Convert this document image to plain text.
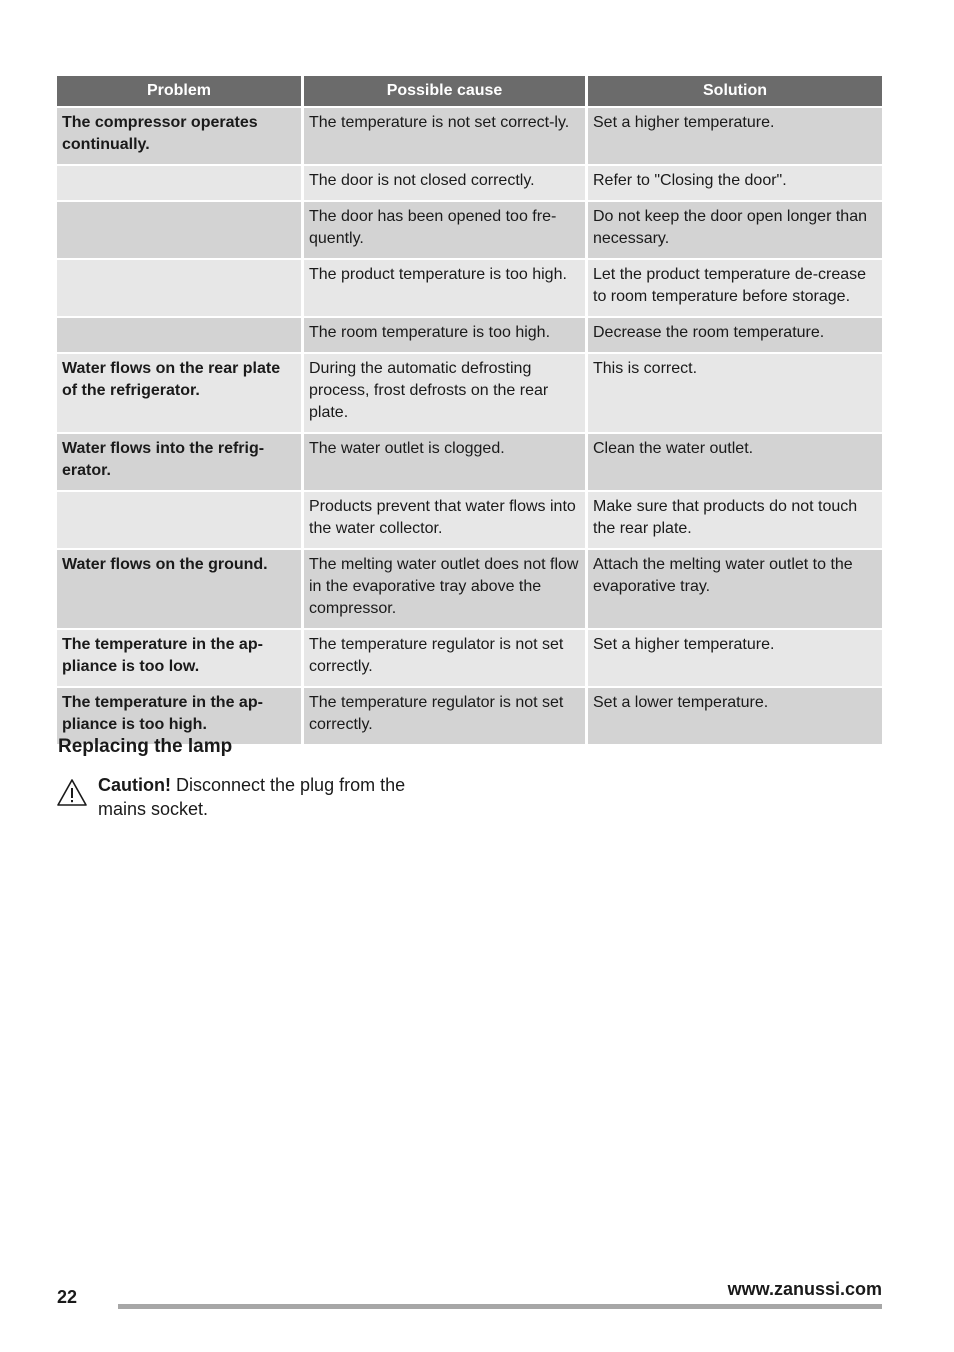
Problem	Possible cause	Solution
The compressor operates continually.	The temperature is not set correct-ly.	Set a higher temperature.
	The door is not closed correctly.	Refer to "Closing the door".
	The door has been opened too fre-quently.	Do not keep the door open longer than necessary.
	The product temperature is too high.	Let the product temperature de-crease to room temperature before storage.
	The room temperature is too high.	Decrease the room temperature.
Water flows on the rear plate of the refrigerator.	During the automatic defrosting process, frost defrosts on the rear plate.	This is correct.
Water flows into the refrig-erator.	The water outlet is clogged.	Clean the water outlet.
	Products prevent that water flows into the water collector.	Make sure that products do not touch the rear plate.
Water flows on the ground.	The melting water outlet does not flow in the evaporative tray above the compressor.	Attach the melting water outlet to the evaporative tray.
The temperature in the ap-pliance is too low.	The temperature regulator is not set correctly.	Set a higher temperature.
The temperature in the ap-pliance is too high.	The temperature regulator is not set correctly.	Set a lower temperature.
Replacing the lamp
Caution! Disconnect the plug from the mains socket.
22	www.zanussi.com
